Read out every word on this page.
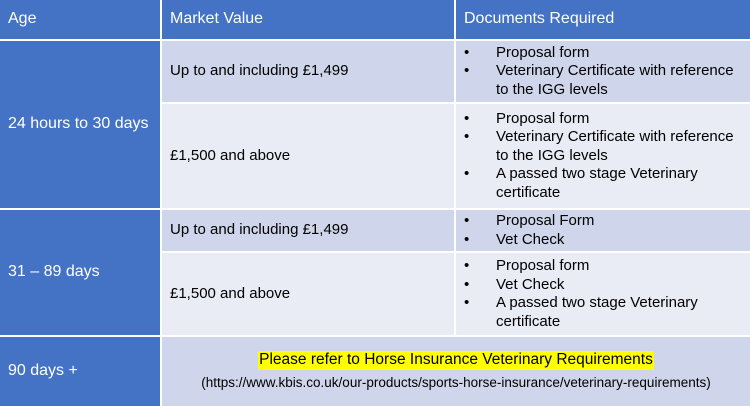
Age	Market Value	Documents Required
24 hours to 30 days
Up to and including £1,499
• Proposal form
• Veterinary Certificate with reference to the IGG levels
£1,500 and above
• Proposal form
• Veterinary Certificate with reference to the IGG levels
• A passed two stage Veterinary certificate
31 – 89 days
Up to and including £1,499
• Proposal Form
• Vet Check
£1,500 and above
• Proposal form
• Vet Check
• A passed two stage Veterinary certificate
90 days +
Please refer to Horse Insurance Veterinary Requirements
(https://www.kbis.co.uk/our-products/sports-horse-insurance/veterinary-requirements)
